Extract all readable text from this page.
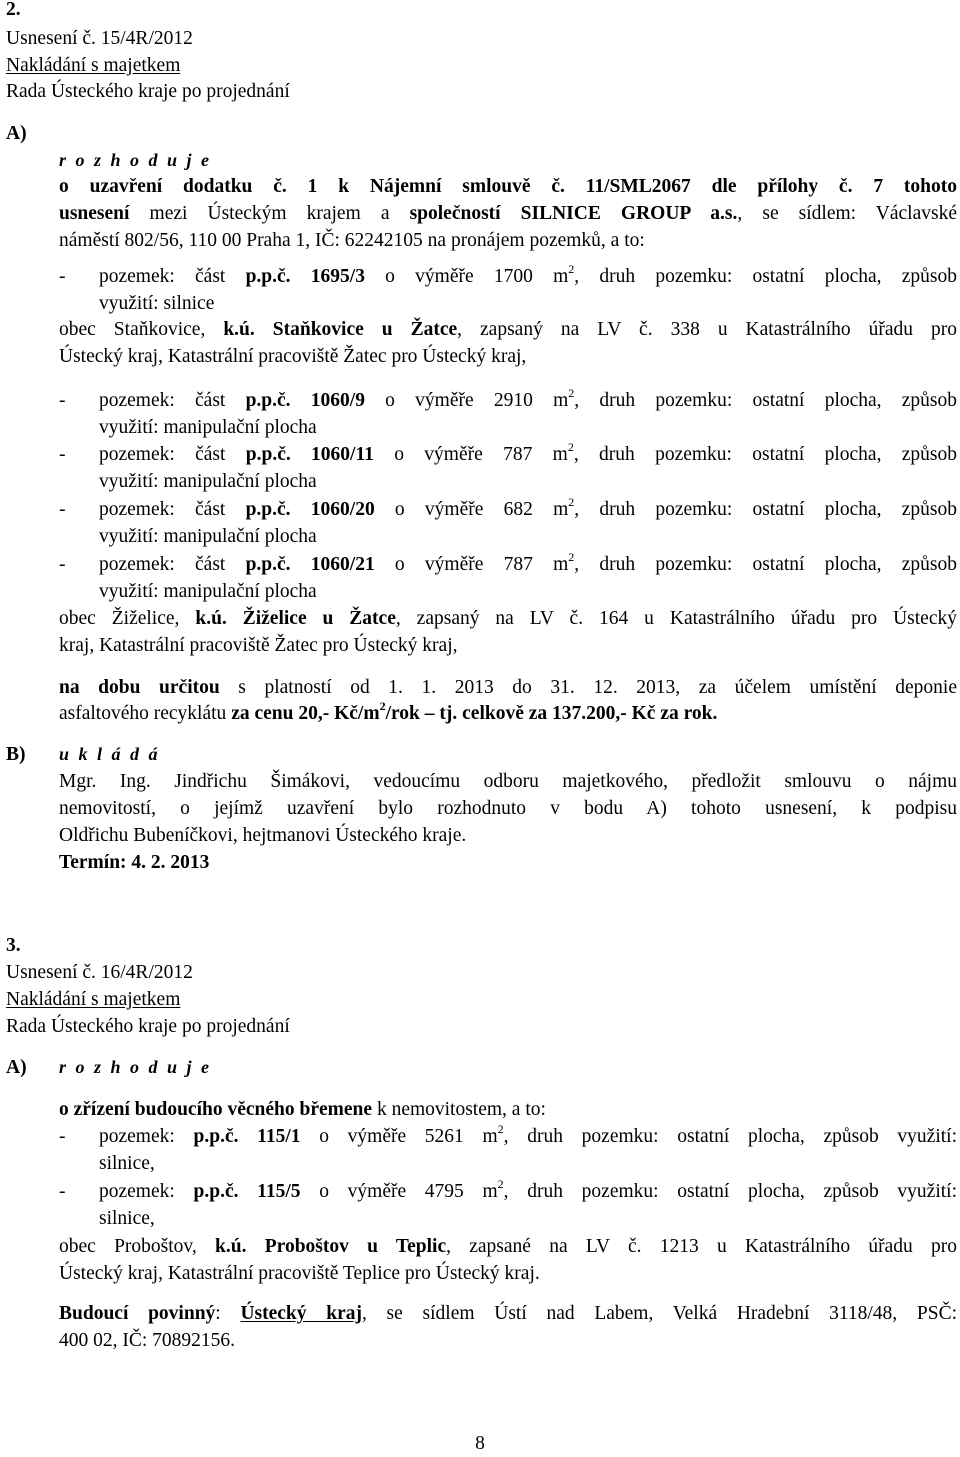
2.
Usnesení č. 15/4R/2012
Nakládání s majetkem
Rada Ústeckého kraje po projednání
A)
r o z h o d u j e
o uzavření dodatku č. 1 k Nájemní smlouvě č. 11/SML2067 dle přílohy č. 7 tohoto
usnesení mezi Ústeckým krajem a společností SILNICE GROUP a.s., se sídlem: Václavské
náměstí 802/56, 110 00 Praha 1, IČ: 62242105 na pronájem pozemků, a to:
- pozemek: část p.p.č. 1695/3 o výměře 1700 $m^2$, druh pozemku: ostatní plocha, způsob
využití: silnice
obec Staňkovice, k.ú. Staňkovice u Žatce, zapsaný na LV č. 338 u Katastrálního úřadu pro
Ústecký kraj, Katastrální pracoviště Žatec pro Ústecký kraj,
- pozemek: část p.p.č. 1060/9 o výměře 2910 $m^2$, druh pozemku: ostatní plocha, způsob
využití: manipulační plocha
- pozemek: část p.p.č. 1060/11 o výměře 787 $m^2$, druh pozemku: ostatní plocha, způsob
využití: manipulační plocha
- pozemek: část p.p.č. 1060/20 o výměře 682 $m^2$, druh pozemku: ostatní plocha, způsob
využití: manipulační plocha
- pozemek: část p.p.č. 1060/21 o výměře 787 $m^2$, druh pozemku: ostatní plocha, způsob
využití: manipulační plocha
obec Žiželice, k.ú. Žiželice u Žatce, zapsaný na LV č. 164 u Katastrálního úřadu pro Ústecký
kraj, Katastrální pracoviště Žatec pro Ústecký kraj,
na dobu určitou s platností od 1. 1. 2013 do 31. 12. 2013, za účelem umístění deponie
asfaltového recyklátu za cenu 20,- $Kč/m^2$/rok – tj. celkově za 137.200,- Kč za rok.
B) u k l á d á
Mgr. Ing. Jindřichu Šimákovi, vedoucímu odboru majetkového, předložit smlouvu o nájmu
nemovitostí, o jejímž uzavření bylo rozhodnuto v bodu A) tohoto usnesení, k podpisu
Oldřichu Bubeníčkovi, hejtmanovi Ústeckého kraje.
Termín: 4. 2. 2013
3.
Usnesení č. 16/4R/2012
Nakládání s majetkem
Rada Ústeckého kraje po projednání
A) r o z h o d u j e
o zřízení budoucího věcného břemene k nemovitostem, a to:
- pozemek: p.p.č. 115/1 o výměře 5261 $m^2$, druh pozemku: ostatní plocha, způsob využití:
silnice,
- pozemek: p.p.č. 115/5 o výměře 4795 $m^2$, druh pozemku: ostatní plocha, způsob využití:
silnice,
obec Proboštov, k.ú. Proboštov u Teplic, zapsané na LV č. 1213 u Katastrálního úřadu pro
Ústecký kraj, Katastrální pracoviště Teplice pro Ústecký kraj.
Budoucí povinný: Ústecký kraj, se sídlem Ústí nad Labem, Velká Hradební 3118/48, PSČ:
400 02, IČ: 70892156.
8
